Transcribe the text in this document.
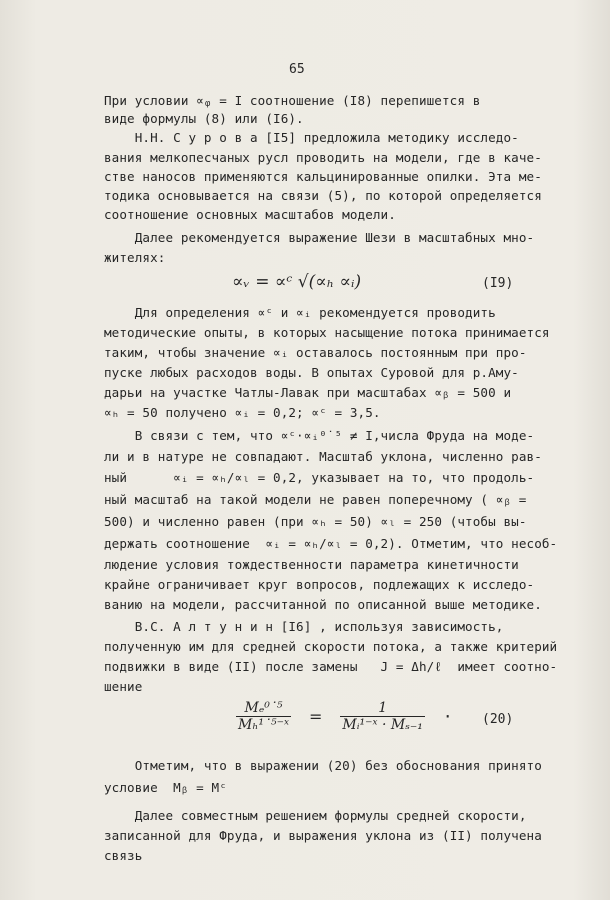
65
При условии ∝ᵩ = I соотношение (I8) перепишется в
виде формулы (8) или (I6).
Н.Н. С у р о в а [I5] предложила методику исследо-
вания мелкопесчаных русл проводить на модели, где в каче-
стве наносов применяются кальцинированные опилки. Эта ме-
тодика основывается на связи (5), по которой определяется
соотношение основных масштабов модели.
Далее рекомендуется выражение Шези в масштабных мно-
жителях:
∝ᵥ = ∝ᶜ √(∝ₕ ∝ᵢ)	(I9)
Для определения ∝ᶜ и ∝ᵢ рекомендуется проводить
методические опыты, в которых насыщение потока принимается
таким, чтобы значение ∝ᵢ оставалось постоянным при про-
пуске любых расходов воды. В опытах Суровой для р.Аму-
дарьи на участке Чатлы-Лавак при масштабах ∝ᵦ = 500 и
∝ₕ = 50 получено ∝ᵢ = 0,2; ∝ᶜ = 3,5.
В связи с тем, что ∝ᶜ·∝ᵢ⁰˙⁵ ≠ I,числа Фруда на моде-
ли и в натуре не совпадают. Масштаб уклона, численно рав-
ный      ∝ᵢ = ∝ₕ/∝ₗ = 0,2, указывает на то, что продоль-
ный масштаб на такой модели не равен поперечному ( ∝ᵦ =
500) и численно равен (при ∝ₕ = 50) ∝ₗ = 250 (чтобы вы-
держать соотношение  ∝ᵢ = ∝ₕ/∝ₗ = 0,2). Отметим, что несоб-
людение условия тождественности параметра кинетичности
крайне ограничивает круг вопросов, подлежащих к исследо-
ванию на модели, рассчитанной по описанной выше методике.
В.С. А л т у н и н [I6] , используя зависимость,
полученную им для средней скорости потока, а также критерий
подвижки в виде (II) после замены   J = Δh/ℓ  имеет соотно-
шение
$\frac{\text{Mₑ⁰˙⁵}}{\text{Mₕ¹˙⁵⁻ˣ}} = \frac{1}{\text{Mᵢ¹⁻ˣ · Mₛ₋₁}} \cdot (20)$
Отметим, что в выражении (20) без обоснования принято
условие  Mᵦ = Mᶜ
Далее совместным решением формулы средней скорости,
записанной для Фруда, и выражения уклона из (II) получена
связь
